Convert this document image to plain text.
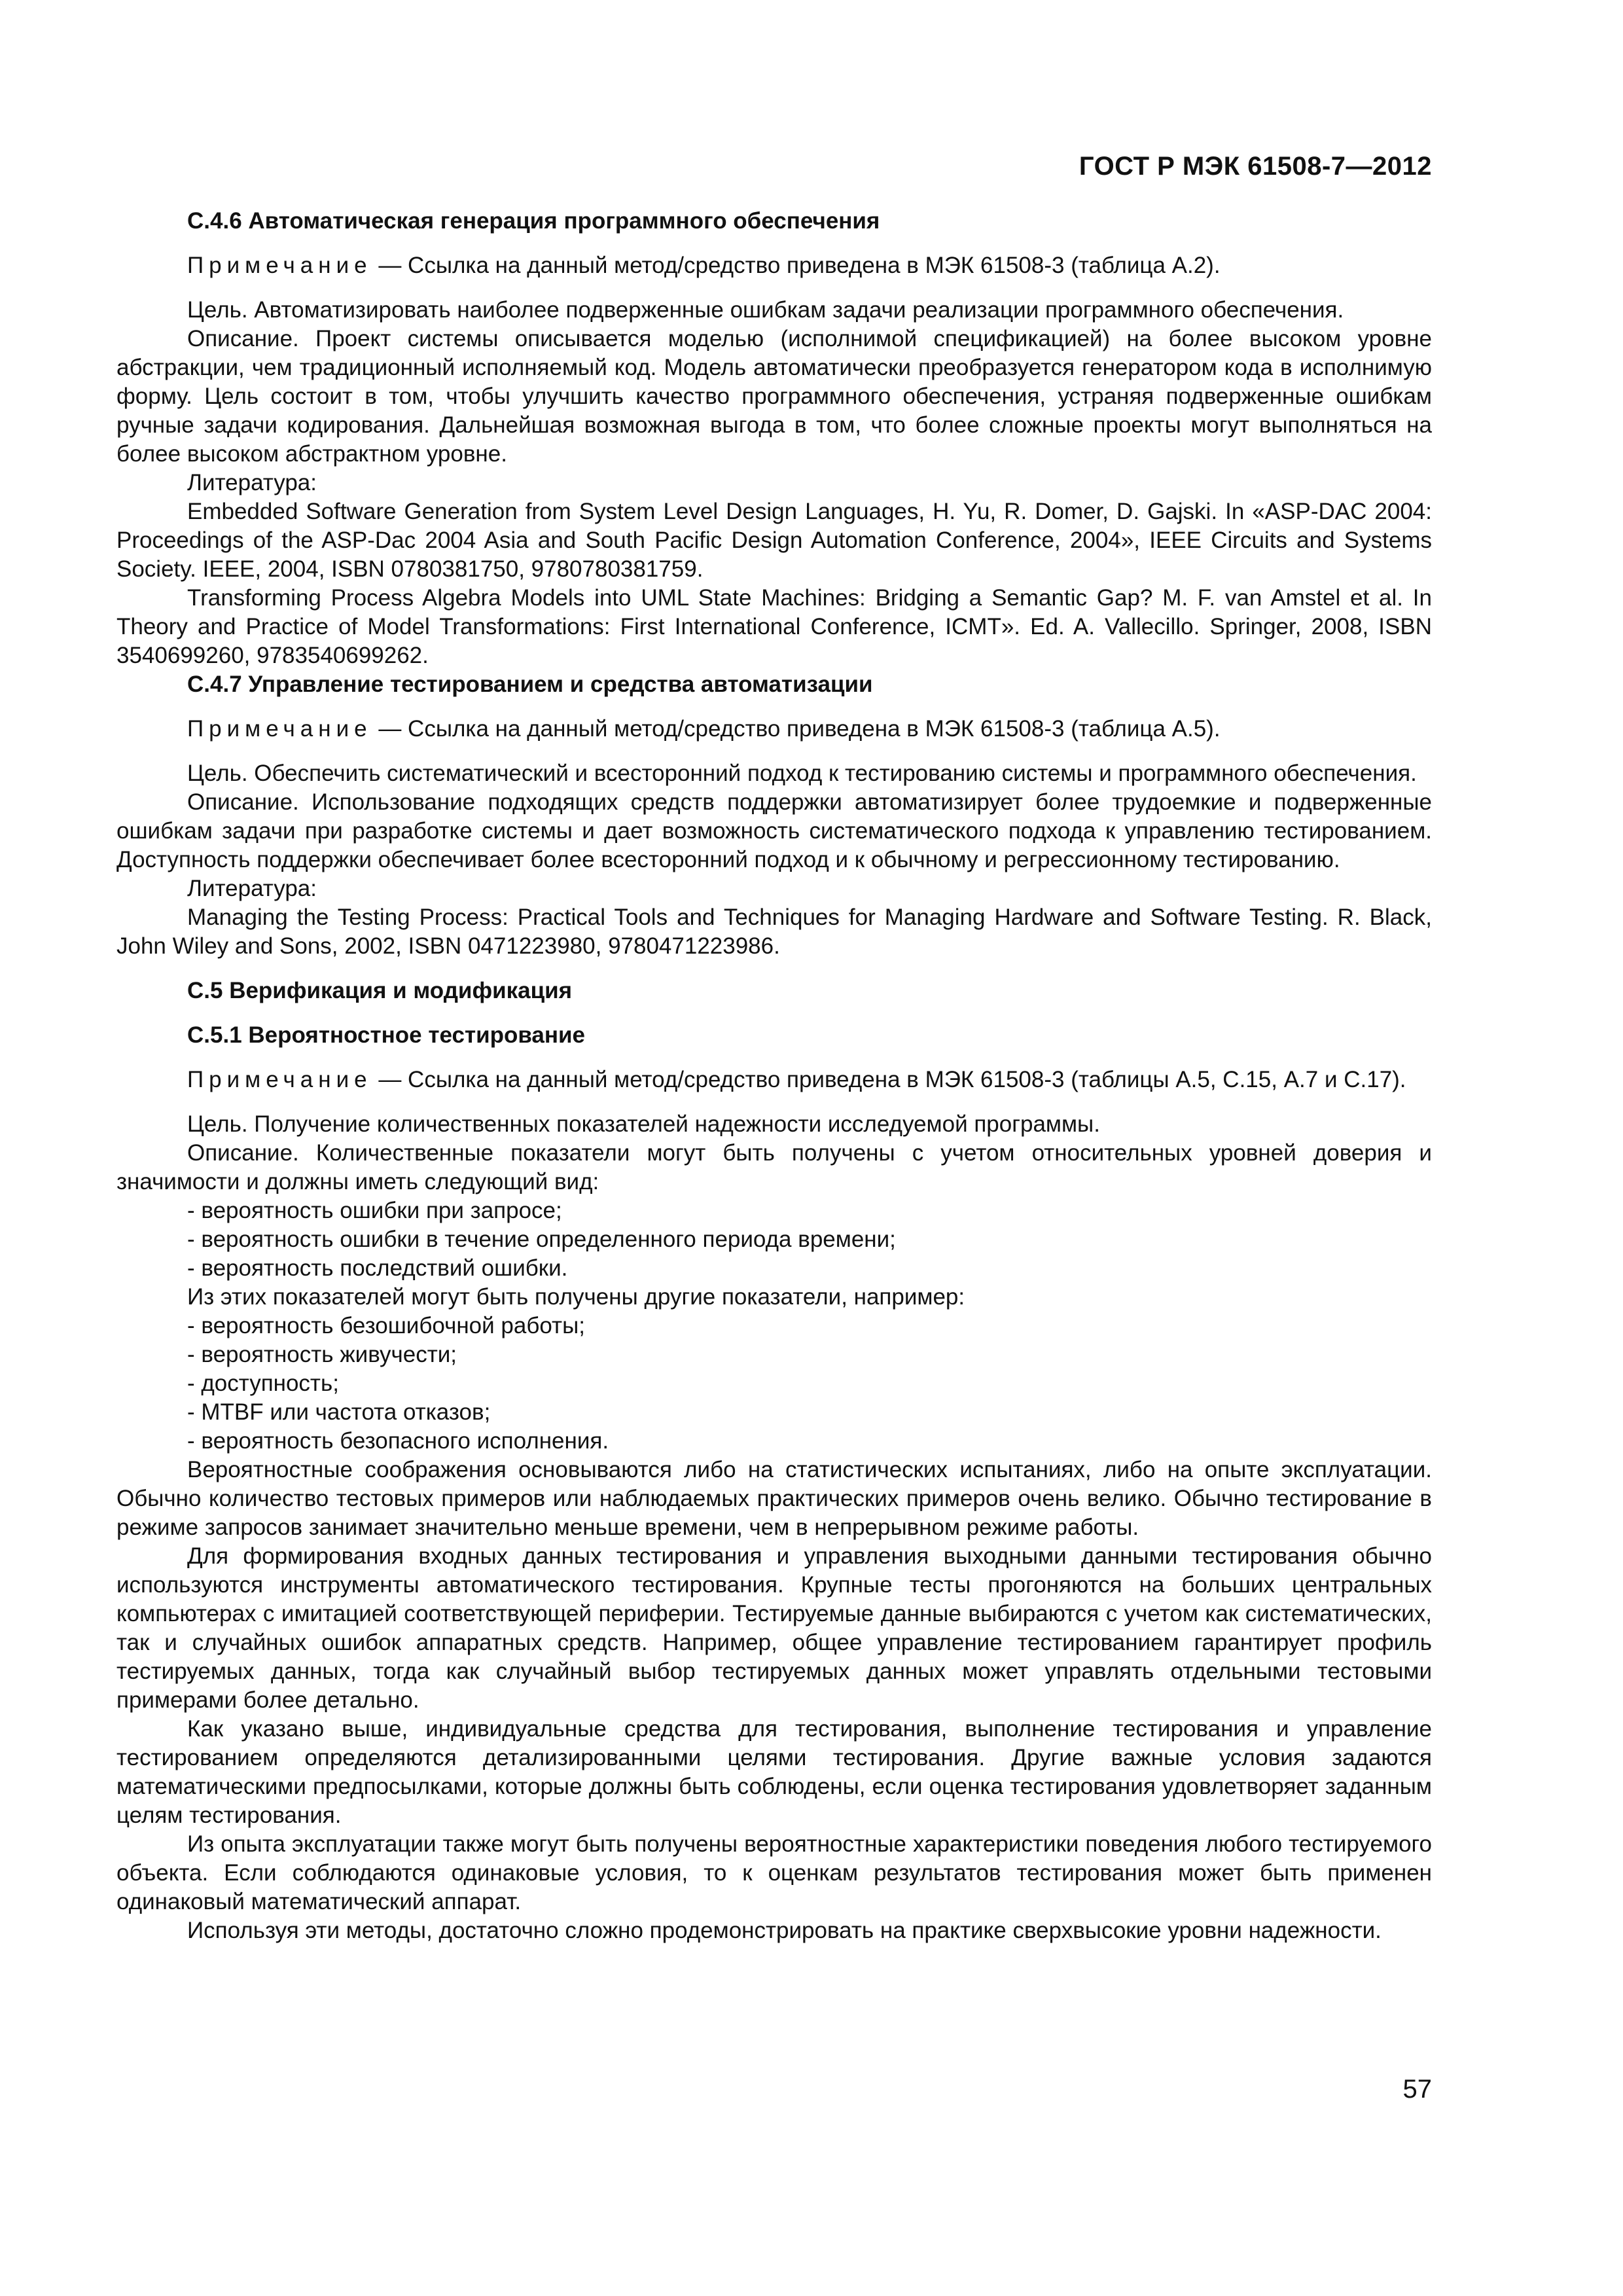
ГОСТ Р МЭК 61508-7—2012

C.4.6 Автоматическая генерация программного обеспечения

Примечание — Ссылка на данный метод/средство приведена в МЭК 61508-3 (таблица А.2).

Цель. Автоматизировать наиболее подверженные ошибкам задачи реализации программного обеспечения.

Описание. Проект системы описывается моделью (исполнимой спецификацией) на более высоком уровне абстракции, чем традиционный исполняемый код. Модель автоматически преобразуется генератором кода в исполнимую форму. Цель состоит в том, чтобы улучшить качество программного обеспечения, устраняя подверженные ошибкам ручные задачи кодирования. Дальнейшая возможная выгода в том, что более сложные проекты могут выполняться на более высоком абстрактном уровне.

Литература:

Embedded Software Generation from System Level Design Languages, H. Yu, R. Domer, D. Gajski. In «ASP-DAC 2004: Proceedings of the ASP-Dac 2004 Asia and South Pacific Design Automation Conference, 2004», IEEE Circuits and Systems Society. IEEE, 2004, ISBN 0780381750, 9780780381759.

Transforming Process Algebra Models into UML State Machines: Bridging a Semantic Gap? M. F. van Amstel et al. In Theory and Practice of Model Transformations: First International Conference, ICMT». Ed. A. Vallecillo. Springer, 2008, ISBN 3540699260, 9783540699262.

C.4.7 Управление тестированием и средства автоматизации

Примечание — Ссылка на данный метод/средство приведена в МЭК 61508-3 (таблица А.5).

Цель. Обеспечить систематический и всесторонний подход к тестированию системы и программного обеспечения.

Описание. Использование подходящих средств поддержки автоматизирует более трудоемкие и подверженные ошибкам задачи при разработке системы и дает возможность систематического подхода к управлению тестированием. Доступность поддержки обеспечивает более всесторонний подход и к обычному и регрессионному тестированию.

Литература:

Managing the Testing Process: Practical Tools and Techniques for Managing Hardware and Software Testing. R. Black, John Wiley and Sons, 2002, ISBN 0471223980, 9780471223986.

C.5 Верификация и модификация

C.5.1 Вероятностное тестирование

Примечание — Ссылка на данный метод/средство приведена в МЭК 61508-3 (таблицы А.5, С.15, А.7 и С.17).

Цель. Получение количественных показателей надежности исследуемой программы.

Описание. Количественные показатели могут быть получены с учетом относительных уровней доверия и значимости и должны иметь следующий вид:

- вероятность ошибки при запросе;

- вероятность ошибки в течение определенного периода времени;

- вероятность последствий ошибки.

Из этих показателей могут быть получены другие показатели, например:

- вероятность безошибочной работы;

- вероятность живучести;

- доступность;

- MTBF или частота отказов;

- вероятность безопасного исполнения.

Вероятностные соображения основываются либо на статистических испытаниях, либо на опыте эксплуатации. Обычно количество тестовых примеров или наблюдаемых практических примеров очень велико. Обычно тестирование в режиме запросов занимает значительно меньше времени, чем в непрерывном режиме работы.

Для формирования входных данных тестирования и управления выходными данными тестирования обычно используются инструменты автоматического тестирования. Крупные тесты прогоняются на больших центральных компьютерах с имитацией соответствующей периферии. Тестируемые данные выбираются с учетом как систематических, так и случайных ошибок аппаратных средств. Например, общее управление тестированием гарантирует профиль тестируемых данных, тогда как случайный выбор тестируемых данных может управлять отдельными тестовыми примерами более детально.

Как указано выше, индивидуальные средства для тестирования, выполнение тестирования и управление тестированием определяются детализированными целями тестирования. Другие важные условия задаются математическими предпосылками, которые должны быть соблюдены, если оценка тестирования удовлетворяет заданным целям тестирования.

Из опыта эксплуатации также могут быть получены вероятностные характеристики поведения любого тестируемого объекта. Если соблюдаются одинаковые условия, то к оценкам результатов тестирования может быть применен одинаковый математический аппарат.

Используя эти методы, достаточно сложно продемонстрировать на практике сверхвысокие уровни надежности.

57
